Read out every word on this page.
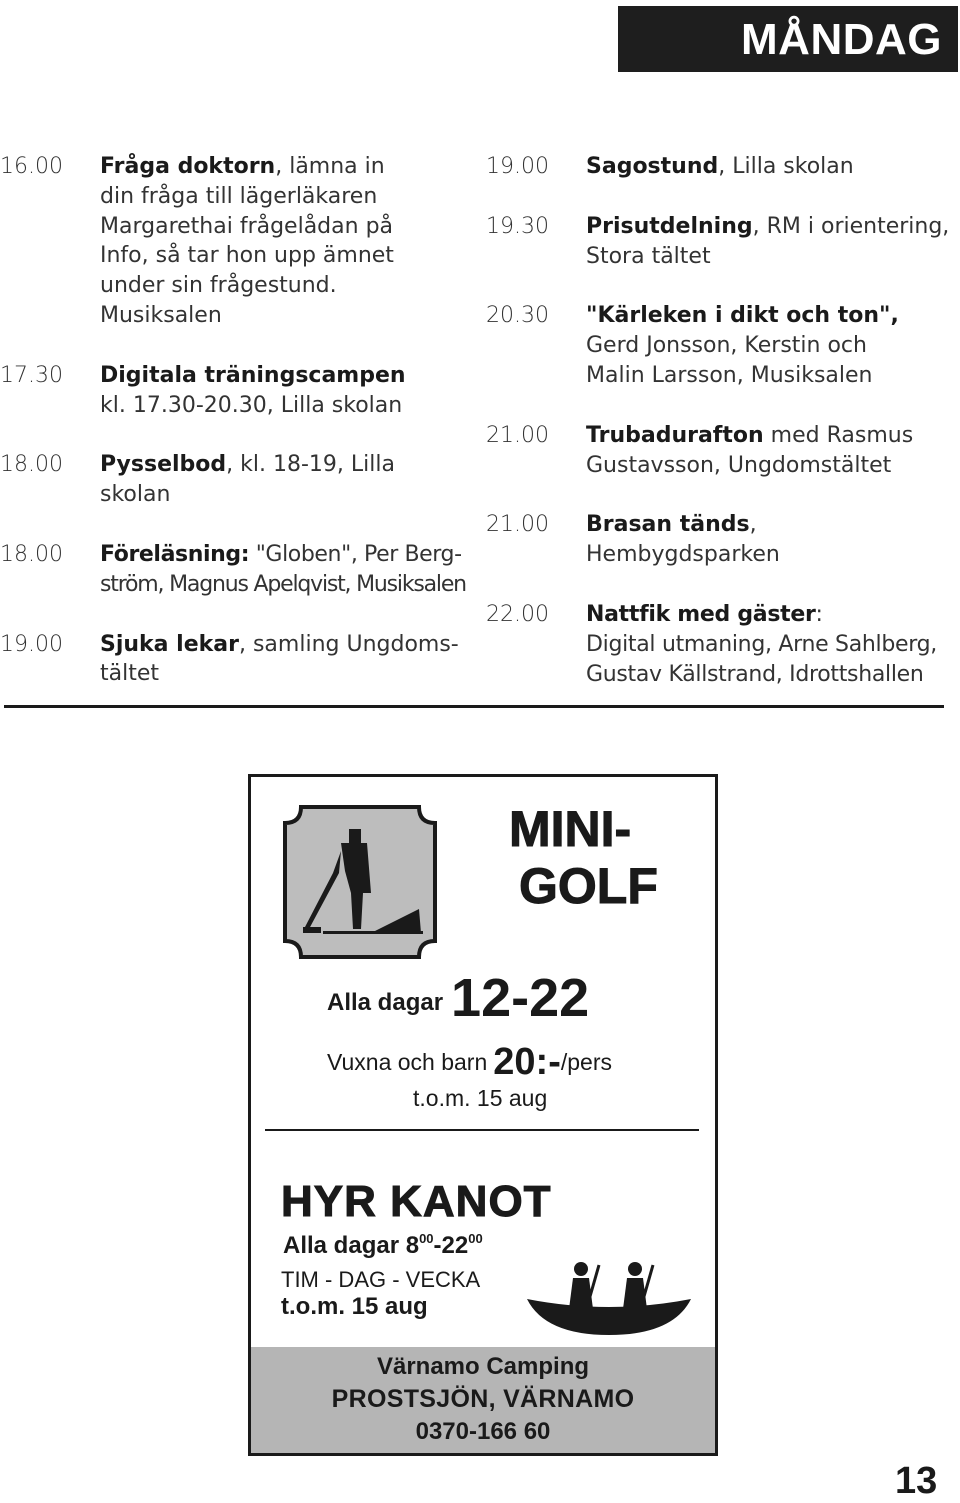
MÅNDAG
16.00	Fråga doktorn, lämna in
din fråga till lägerläkaren
Margarethai frågelådan på
Info, så tar hon upp ämnet
under sin frågestund.
Musiksalen
17.30	Digitala träningscampen
kl. 17.30-20.30, Lilla skolan
18.00	Pysselbod, kl. 18-19, Lilla skolan
18.00	Föreläsning: "Globen", Per Berg-
ström, Magnus Apelqvist, Musiksalen
19.00	Sjuka lekar, samling Ungdoms-
tältet
19.00	Sagostund, Lilla skolan
19.30	Prisutdelning, RM i orientering,
Stora tältet
20.30	"Kärleken i dikt och ton",
Gerd Jonsson, Kerstin och
Malin Larsson, Musiksalen
21.00	Trubadurafton med Rasmus
Gustavsson, Ungdomstältet
21.00	Brasan tänds, Hembygdsparken
22.00	Nattfik med gäster:
Digital utmaning, Arne Sahlberg,
Gustav Källstrand, Idrottshallen
MINI-
GOLF
Alla dagar 12-22
Vuxna och barn 20:-/pers
t.o.m. 15 aug
HYR KANOT
Alla dagar $8^{00}-22^{00}$
TIM - DAG - VECKA
t.o.m. 15 aug
Värnamo Camping
PROSTSJÖN, VÄRNAMO
0370-166 60
13
